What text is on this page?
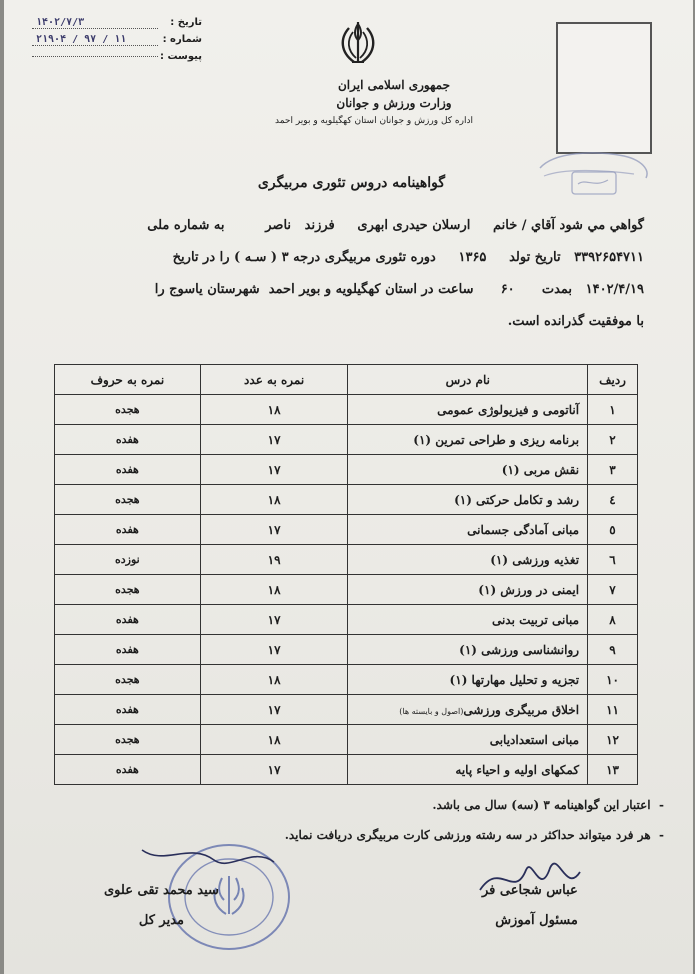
تاریخ :
۱۴۰۲/۷/۳
شماره :
۲۱۹۰۴ / ۹۷ / ۱۱
پیوست :
جمهوری اسلامی ایران
وزارت ورزش و جوانان
اداره کل ورزش و جوانان استان کهگیلویه و بویر احمد
گواهینامه دروس تئوری مربیگری
گواهي مي شود آقاي / خانم     ارسلان حیدری ابهری     فرزند   ناصر         به شماره ملی
۳۳۹۲۶۵۴۷۱۱   تاریخ تولد     ۱۳۶۵     دوره تئوری مربیگری درجه ۳ ( سـه ) را در تاریخ
۱۴۰۲/۴/۱۹   بمدت      ۶۰      ساعت در استان کهگیلویه و بویر احمد  شهرستان یاسوج را
با موفقیت گذرانده است.
ردیف	نام درس	نمره به عدد	نمره به حروف
۱	آناتومی و فیزیولوژی عمومی	۱۸	هجده
۲	برنامه ریزی و طراحی تمرین (۱)	۱۷	هفده
۳	نقش مربی (۱)	۱۷	هفده
٤	رشد و تکامل حرکتی (۱)	۱۸	هجده
٥	مبانی آمادگی جسمانی	۱۷	هفده
٦	تغذیه ورزشی (۱)	۱۹	نوزده
۷	ایمنی در ورزش (۱)	۱۸	هجده
۸	مبانی تربیت بدنی	۱۷	هفده
۹	روانشناسی ورزشی (۱)	۱۷	هفده
۱۰	تجزیه و تحلیل مهارتها (۱)	۱۸	هجده
۱۱	اخلاق مربیگری ورزشی(اصول و بایسته ها)	۱۷	هفده
۱۲	مبانی استعدادیابی	۱۸	هجده
۱۳	کمکهای اولیه و احیاء پایه	۱۷	هفده
-  اعتبار این گواهینامه ۳ (سه) سال می باشد.
-  هر فرد میتواند حداکثر در سه رشته ورزشی کارت مربیگری دریافت نماید.
عباس شجاعی فر
مسئول آموزش
سید محمد تقی علوی
مدیر کل
